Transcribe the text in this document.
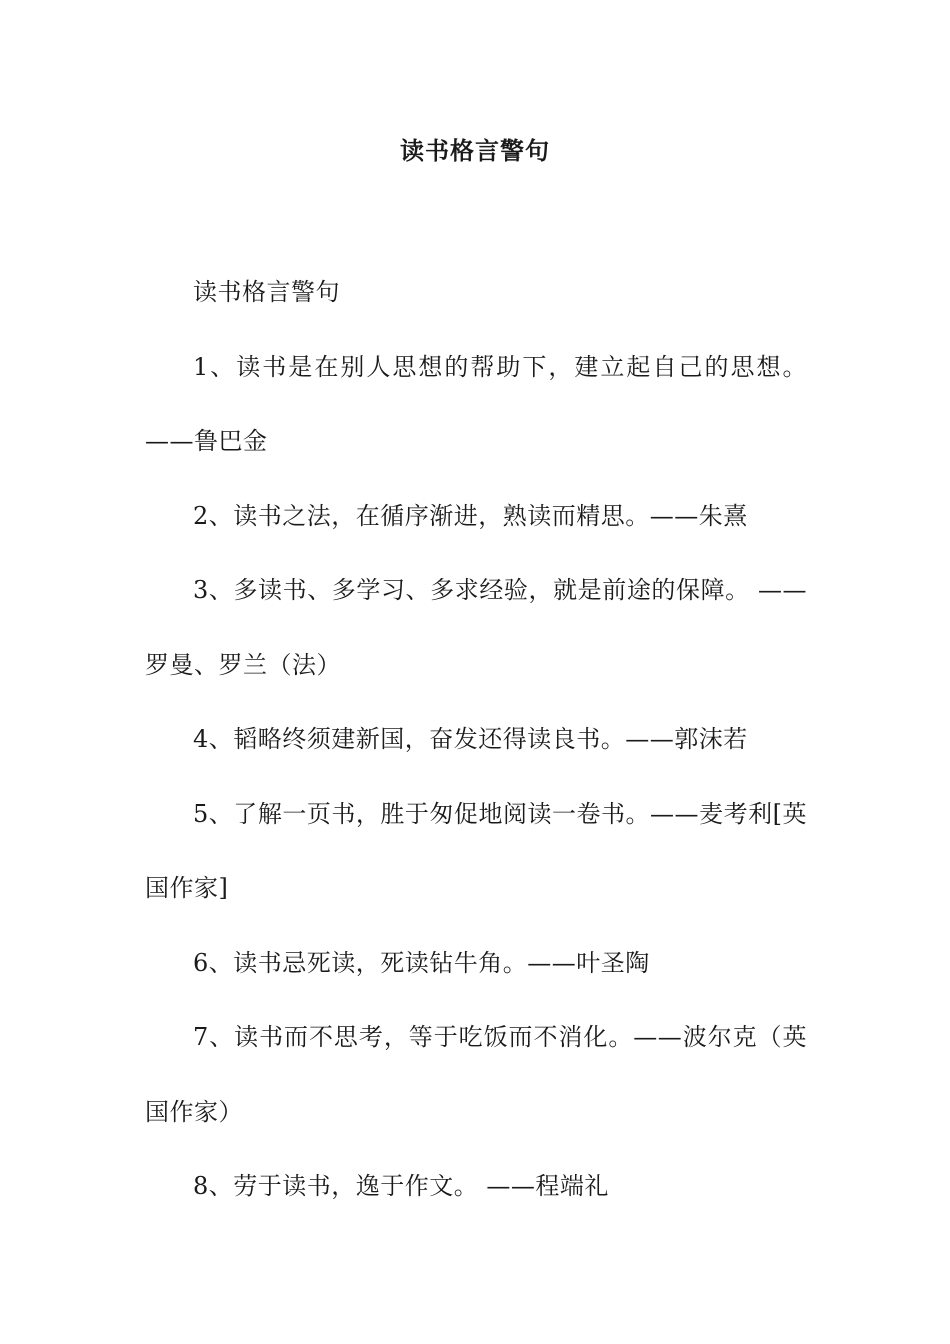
读书格言警句

读书格言警句

1、读书是在别人思想的帮助下，建立起自己的思想。——鲁巴金

2、读书之法，在循序渐进，熟读而精思。——朱熹

3、多读书、多学习、多求经验，就是前途的保障。 ——罗曼、罗兰（法）

4、韬略终须建新国，奋发还得读良书。——郭沫若

5、了解一页书，胜于匆促地阅读一卷书。——麦考利[英国作家]

6、读书忌死读，死读钻牛角。——叶圣陶

7、读书而不思考，等于吃饭而不消化。——波尔克（英国作家）

8、劳于读书，逸于作文。 ——程端礼
